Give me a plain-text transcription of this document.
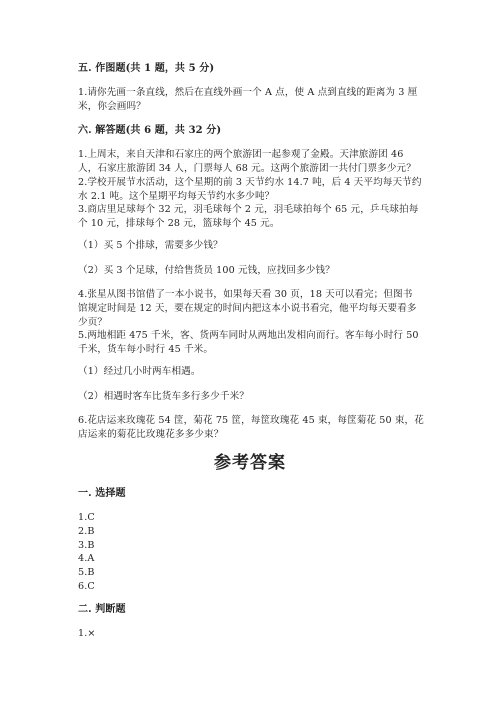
五. 作图题(共 1 题，共 5 分)
1.请你先画一条直线，然后在直线外画一个 A 点，使 A 点到直线的距离为 3 厘
米，你会画吗？
六. 解答题(共 6 题，共 32 分)
1.上周末，来自天津和石家庄的两个旅游团一起参观了金殿。天津旅游团 46
人，石家庄旅游团 34 人，门票每人 68 元。这两个旅游团一共付门票多少元？
2.学校开展节水活动，这个星期的前 3 天节约水 14.7 吨，后 4 天平均每天节约
水 2.1 吨。这个星期平均每天节约水多少吨？
3.商店里足球每个 32 元，羽毛球每个 2 元，羽毛球拍每个 65 元，乒乓球拍每
个 10 元，排球每个 28 元，篮球每个 45 元。
（1）买 5 个排球，需要多少钱？
（2）买 3 个足球，付给售货员 100 元钱，应找回多少钱？
4.张星从图书馆借了一本小说书，如果每天看 30 页，18 天可以看完；但图书
馆规定时间是 12 天，要在规定的时间内把这本小说书看完，他平均每天要看多
少页？
5.两地相距 475 千米，客、货两车同时从两地出发相向而行。客车每小时行 50
千米，货车每小时行 45 千米。
（1）经过几小时两车相遇。
（2）相遇时客车比货车多行多少千米？
6.花店运来玫瑰花 54 筐，菊花 75 筐，每筐玫瑰花 45 束，每筐菊花 50 束，花
店运来的菊花比玫瑰花多多少束？
参考答案
一. 选择题
1.C
2.B
3.B
4.A
5.B
6.C
二. 判断题
1.×
